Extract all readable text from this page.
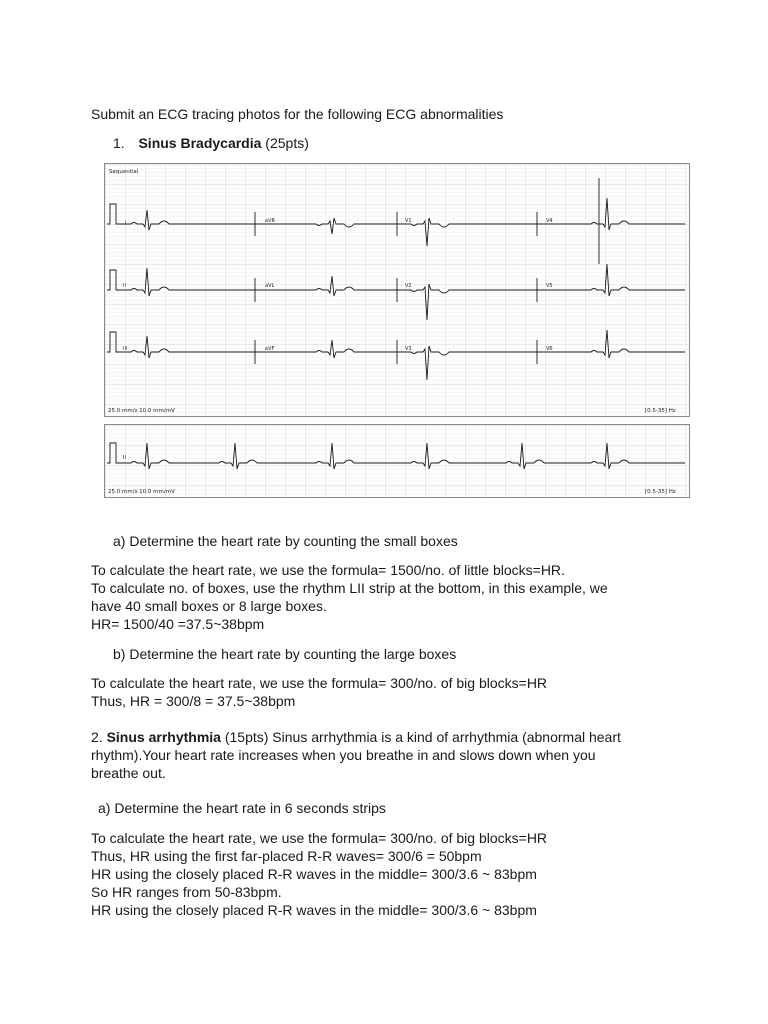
Submit an ECG tracing photos for the following ECG abnormalities
1. Sinus Bradycardia (25pts)
Sequential
I	aVR	V1	V4
II	aVL	V2	V5
III	aVF	V3	V6
25.0 mm/s 10.0 mm/mV	[0.5-35] Hz
II
25.0 mm/s 10.0 mm/mV	[0.5-35] Hz
a) Determine the heart rate by counting the small boxes
To calculate the heart rate, we use the formula= 1500/no. of little blocks=HR.
To calculate no. of boxes, use the rhythm LII strip at the bottom, in this example, we
have 40 small boxes or 8 large boxes.
HR= 1500/40 =37.5~38bpm
b) Determine the heart rate by counting the large boxes
To calculate the heart rate, we use the formula= 300/no. of big blocks=HR
Thus, HR = 300/8 = 37.5~38bpm
2. Sinus arrhythmia (15pts) Sinus arrhythmia is a kind of arrhythmia (abnormal heart
rhythm).Your heart rate increases when you breathe in and slows down when you
breathe out.
a) Determine the heart rate in 6 seconds strips
To calculate the heart rate, we use the formula= 300/no. of big blocks=HR
Thus, HR using the first far-placed R-R waves= 300/6 = 50bpm
HR using the closely placed R-R waves in the middle= 300/3.6 ~ 83bpm
So HR ranges from 50-83bpm.
HR using the closely placed R-R waves in the middle= 300/3.6 ~ 83bpm
